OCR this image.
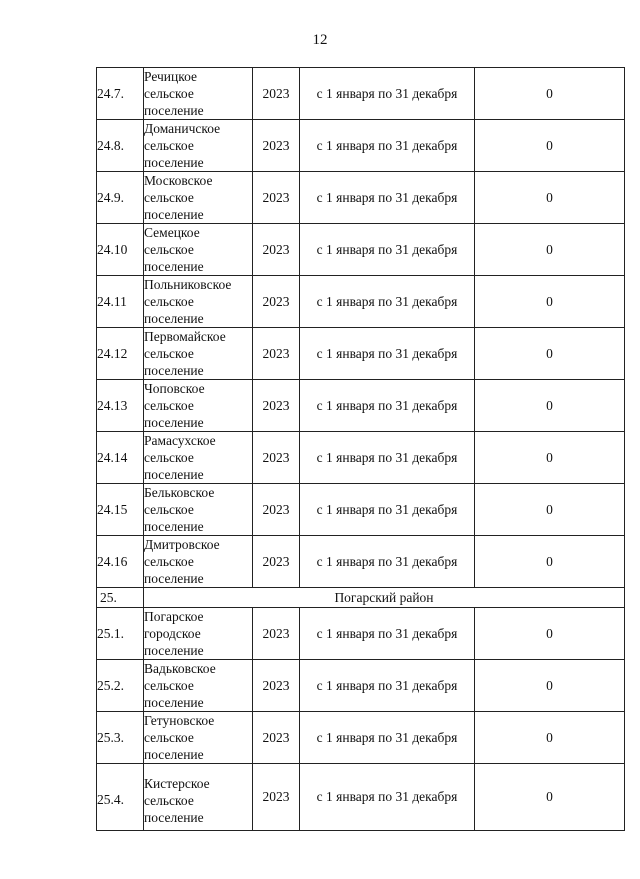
12
24.7.	Речицкое
сельское
поселение	2023	с 1 января по 31 декабря	0
24.8.	Доманичское
сельское
поселение	2023	с 1 января по 31 декабря	0
24.9.	Московское
сельское
поселение	2023	с 1 января по 31 декабря	0
24.10	Семецкое
сельское
поселение	2023	с 1 января по 31 декабря	0
24.11	Польниковское
сельское
поселение	2023	с 1 января по 31 декабря	0
24.12	Первомайское
сельское
поселение	2023	с 1 января по 31 декабря	0
24.13	Чоповское
сельское
поселение	2023	с 1 января по 31 декабря	0
24.14	Рамасухское
сельское
поселение	2023	с 1 января по 31 декабря	0
24.15	Бельковское
сельское
поселение	2023	с 1 января по 31 декабря	0
24.16	Дмитровское
сельское
поселение	2023	с 1 января по 31 декабря	0
25.	Погарский район			
25.1.	Погарское
городское
поселение	2023	с 1 января по 31 декабря	0
25.2.	Вадьковское
сельское
поселение	2023	с 1 января по 31 декабря	0
25.3.	Гетуновское
сельское
поселение	2023	с 1 января по 31 декабря	0
25.4.	Кистерское
сельское
поселение	2023	с 1 января по 31 декабря	0
